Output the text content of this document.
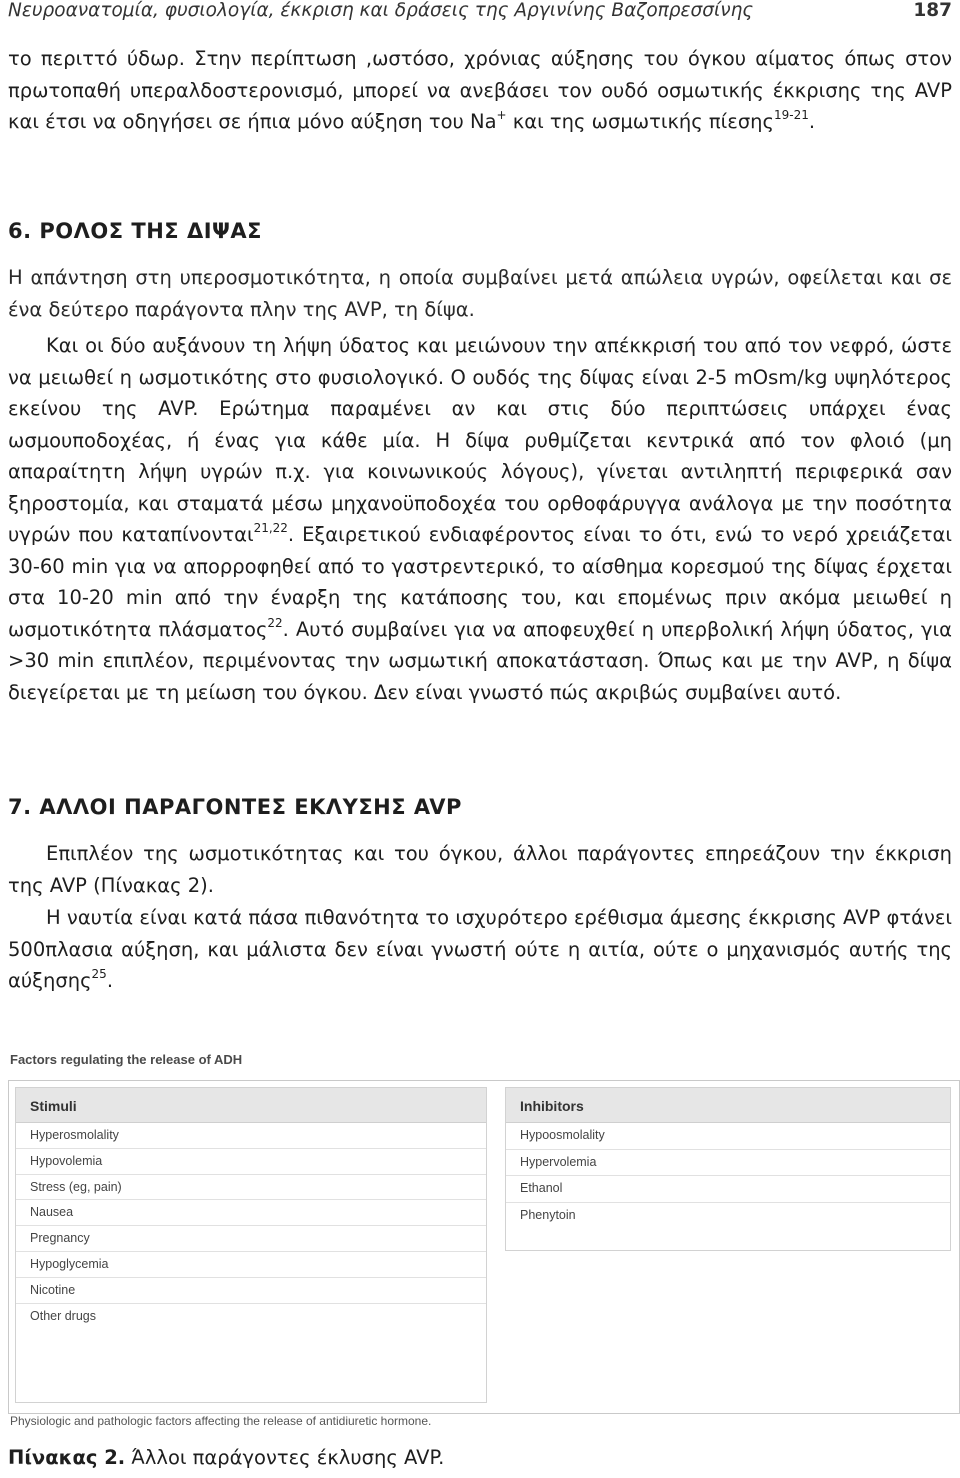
Νευροανατομία, φυσιολογία, έκκριση και δράσεις της Αργινίνης Βαζοπρεσσίνης	187

το περιττό ύδωρ. Στην περίπτωση ,ωστόσο, χρόνιας αύξησης του όγκου αίματος όπως στον πρωτοπαθή υπεραλδοστερονισμό, μπορεί να ανεβάσει τον ουδό οσμωτικής έκκρισης της AVP και έτσι να οδηγήσει σε ήπια μόνο αύξηση του Na+ και της ωσμωτικής πίεσης$^{19-21}$.

6. ΡΟΛΟΣ ΤΗΣ ΔΙΨΑΣ

Η απάντηση στη υπεροσμοτικότητα, η οποία συμβαίνει μετά απώλεια υγρών, οφείλεται και σε ένα δεύτερο παράγοντα πλην της AVP, τη δίψα.

Και οι δύο αυξάνουν τη λήψη ύδατος και μειώνουν την απέκκρισή του από τον νεφρό, ώστε να μειωθεί η ωσμοτικότης στο φυσιολογικό. Ο ουδός της δίψας είναι 2-5 mOsm/kg υψηλότερος εκείνου της AVP. Ερώτημα παραμένει αν και στις δύο περιπτώσεις υπάρχει ένας ωσμουποδοχέας, ή ένας για κάθε μία. Η δίψα ρυθμίζεται κεντρικά από τον φλοιό (μη απαραίτητη λήψη υγρών π.χ. για κοινωνικούς λόγους), γίνεται αντιληπτή περιφερικά σαν ξηροστομία, και σταματά μέσω μηχανοϋποδοχέα του ορθοφάρυγγα ανάλογα με την ποσότητα υγρών που καταπίνονται$^{21,22}$. Εξαιρετικού ενδιαφέροντος είναι το ότι, ενώ το νερό χρειάζεται 30-60 min για να απορροφηθεί από το γαστρεντερικό, το αίσθημα κορεσμού της δίψας έρχεται στα 10-20 min από την έναρξη της κατάποσης του, και επομένως πριν ακόμα μειωθεί η ωσμοτικότητα πλάσματος$^{22}$. Αυτό συμβαίνει για να αποφευχθεί η υπερβολική λήψη ύδατος, για >30 min επιπλέον, περιμένοντας την ωσμωτική αποκατάσταση. Όπως και με την AVP, η δίψα διεγείρεται με τη μείωση του όγκου. Δεν είναι γνωστό πώς ακριβώς συμβαίνει αυτό.

7. ΑΛΛΟΙ ΠΑΡΑΓΟΝΤΕΣ ΕΚΛΥΣΗΣ AVP

Επιπλέον της ωσμοτικότητας και του όγκου, άλλοι παράγοντες επηρεάζουν την έκκριση της AVP (Πίνακας 2).

Η ναυτία είναι κατά πάσα πιθανότητα το ισχυρότερο ερέθισμα άμεσης έκκρισης AVP φτάνει 500πλασια αύξηση, και μάλιστα δεν είναι γνωστή ούτε η αιτία, ούτε ο μηχανισμός αυτής της αύξησης$^{25}$.

Factors regulating the release of ADH
Stimuli
Hyperosmolality
Hypovolemia
Stress (eg, pain)
Nausea
Pregnancy
Hypoglycemia
Nicotine
Other drugs
Inhibitors
Hypoosmolality
Hypervolemia
Ethanol
Phenytoin
Physiologic and pathologic factors affecting the release of antidiuretic hormone.
Πίνακας 2. Άλλοι παράγοντες έκλυσης AVP.
